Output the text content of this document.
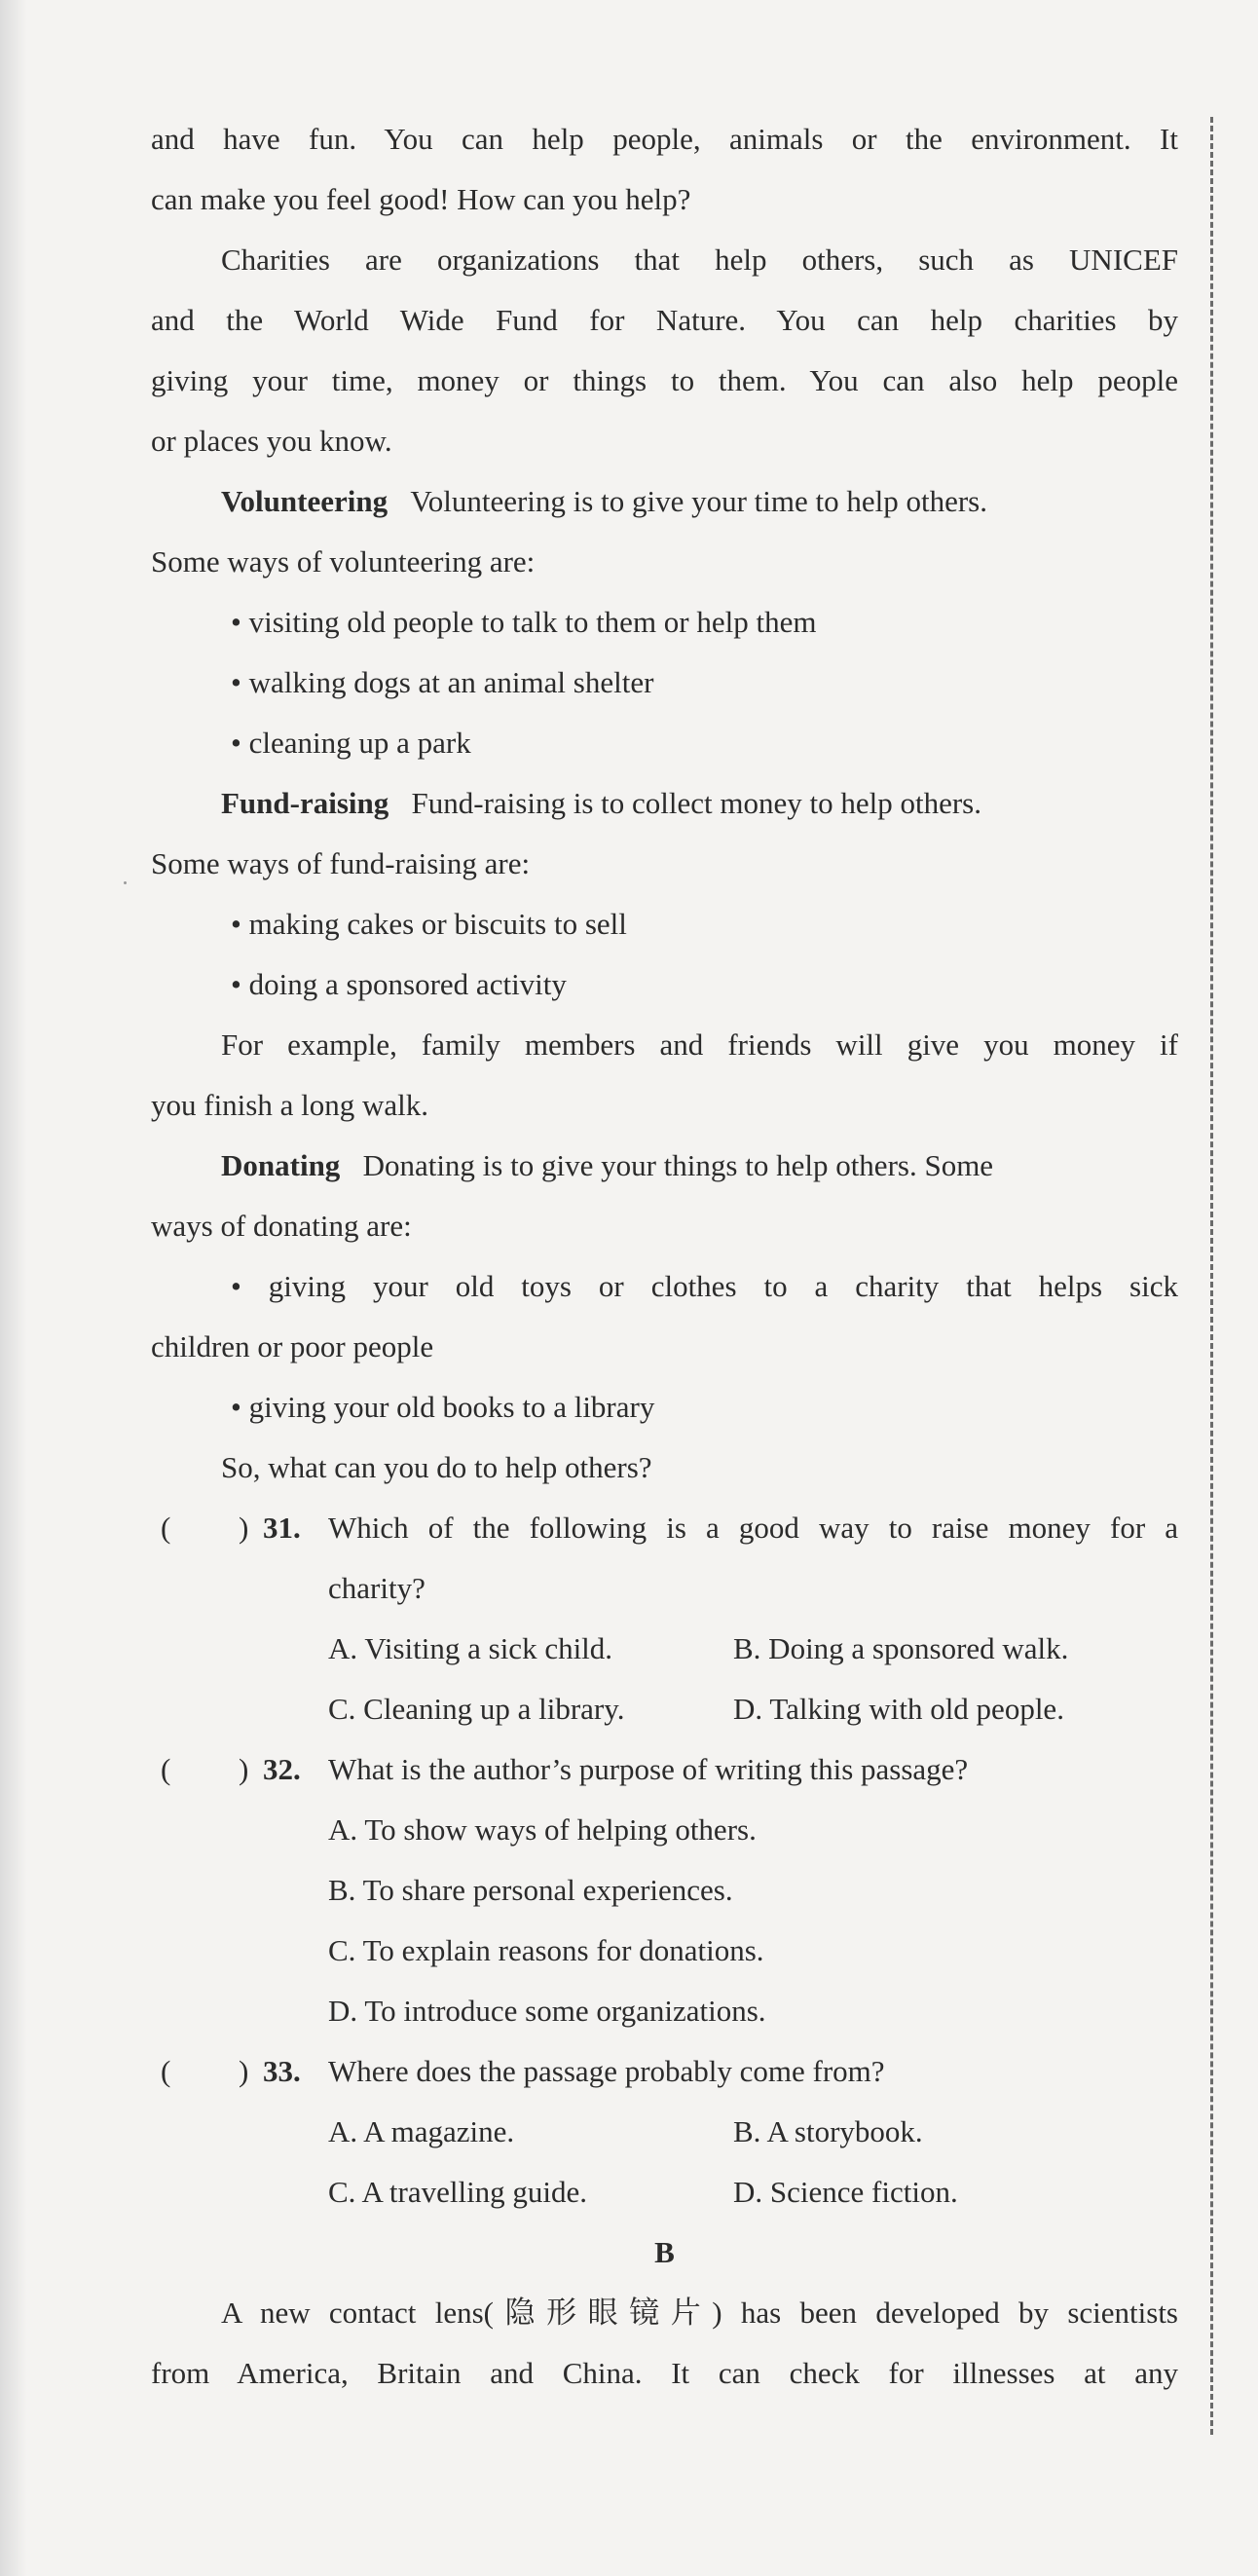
and have fun. You can help people, animals or the environment. It
can make you feel good! How can you help?
Charities are organizations that help others, such as UNICEF
and the World Wide Fund for Nature. You can help charities by
giving your time, money or things to them. You can also help people
or places you know.
Volunteering Volunteering is to give your time to help others.
Some ways of volunteering are:
• visiting old people to talk to them or help them
• walking dogs at an animal shelter
• cleaning up a park
Fund-raising Fund-raising is to collect money to help others.
Some ways of fund-raising are:
• making cakes or biscuits to sell
• doing a sponsored activity
For example, family members and friends will give you money if
you finish a long walk.
Donating Donating is to give your things to help others. Some
ways of donating are:
• giving your old toys or clothes to a charity that helps sick
children or poor people
• giving your old books to a library
So, what can you do to help others?
( ) 31. Which of the following is a good way to raise money for a
charity?
A. Visiting a sick child.	B. Doing a sponsored walk.
C. Cleaning up a library.	D. Talking with old people.
( ) 32. What is the author’s purpose of writing this passage?
A. To show ways of helping others.
B. To share personal experiences.
C. To explain reasons for donations.
D. To introduce some organizations.
( ) 33. Where does the passage probably come from?
A. A magazine.	B. A storybook.
C. A travelling guide.	D. Science fiction.
B
A new contact lens(隐形眼镜片) has been developed by scientists
from America, Britain and China. It can check for illnesses at any
